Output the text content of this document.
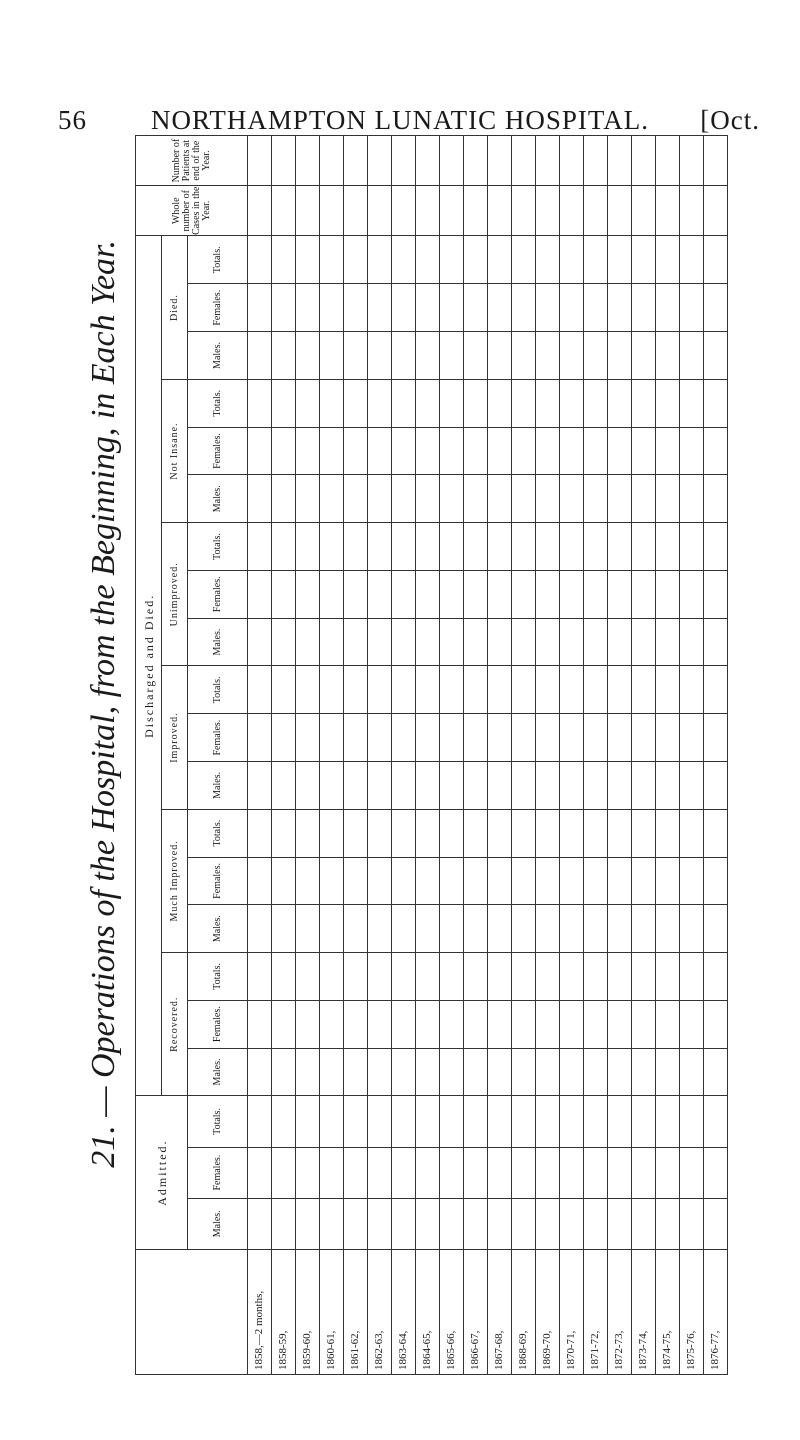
56	NORTHAMPTON LUNATIC HOSPITAL.	[Oct.
21. — Operations of the Hospital, from the Beginning, in Each Year.
	Admitted.			Discharged and Died.																		Whole number of Cases in the Year.	Number of Patients at end of the Year.
				Recovered.			Much Improved.			Improved.			Unimproved.			Not Insane.			Died.				
	Males.	Females.	Totals.	Males.	Females.	Totals.	Males.	Females.	Totals.	Males.	Females.	Totals.	Males.	Females.	Totals.	Males.	Females.	Totals.	Males.	Females.	Totals.		
1858,—2 months,																							
1858-59,																							
1859-60,																							
1860-61,																							
1861-62,																							
1862-63,																							
1863-64,																							
1864-65,																							
1865-66,																							
1866-67,																							
1867-68,																							
1868-69,																							
1869-70,																							
1870-71,																							
1871-72,																							
1872-73,																							
1873-74,																							
1874-75,																							
1875-76,																							
1876-77,																							
